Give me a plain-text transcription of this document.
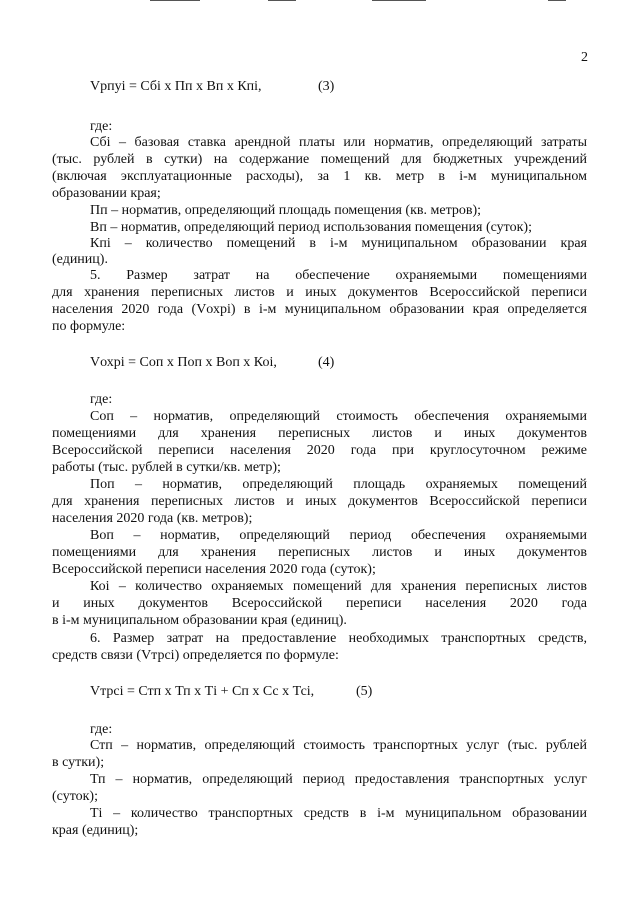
2
Vрпуi = Сбi х Пп х Вп х Кпi,	(3)
где:
Сбi – базовая ставка арендной платы или норматив, определяющий затраты
(тыс. рублей в сутки) на содержание помещений для бюджетных учреждений
(включая эксплуатационные расходы), за 1 кв. метр в i-м муниципальном
образовании края;
Пп – норматив, определяющий площадь помещения (кв. метров);
Вп – норматив, определяющий период использования помещения (суток);
Кпi – количество помещений в i-м муниципальном образовании края
(единиц).
5. Размер затрат на обеспечение охраняемыми помещениями
для хранения переписных листов и иных документов Всероссийской переписи
населения 2020 года (Vохрi) в i-м муниципальном образовании края определяется
по формуле:
Vохрi = Соп х Поп х Воп х Коi,	(4)
где:
Соп – норматив, определяющий стоимость обеспечения охраняемыми
помещениями для хранения переписных листов и иных документов
Всероссийской переписи населения 2020 года при круглосуточном режиме
работы (тыс. рублей в сутки/кв. метр);
Поп – норматив, определяющий площадь охраняемых помещений
для хранения переписных листов и иных документов Всероссийской переписи
населения 2020 года (кв. метров);
Воп – норматив, определяющий период обеспечения охраняемыми
помещениями для хранения переписных листов и иных документов
Всероссийской переписи населения 2020 года (суток);
Коi – количество охраняемых помещений для хранения переписных листов
и иных документов Всероссийской переписи населения 2020 года
в i-м муниципальном образовании края (единиц).
6. Размер затрат на предоставление необходимых транспортных средств,
средств связи (Vтрсi) определяется по формуле:
Vтрсi = Стп х Тп х Тi + Сп х Сс х Тсi,	(5)
где:
Стп – норматив, определяющий стоимость транспортных услуг (тыс. рублей
в сутки);
Тп – норматив, определяющий период предоставления транспортных услуг
(суток);
Тi – количество транспортных средств в i-м муниципальном образовании
края (единиц);
